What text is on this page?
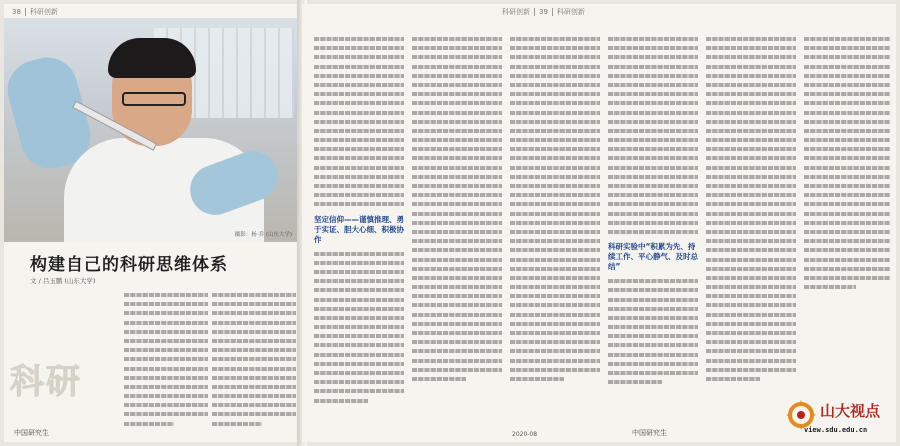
38 科研创新
摄影：杨 乔 (山东大学)
构建自己的科研思维体系
文 / 吕玉鹏 (山东大学)
科研
中国研究生
科研创新 39 科研创新
坚定信仰——谨慎推理、勇于实证、胆大心细、积极协作
科研实验中“积累为先、持续工作、平心静气、及时总结”
2020-08	中国研究生
山大视点
view.sdu.edu.cn
